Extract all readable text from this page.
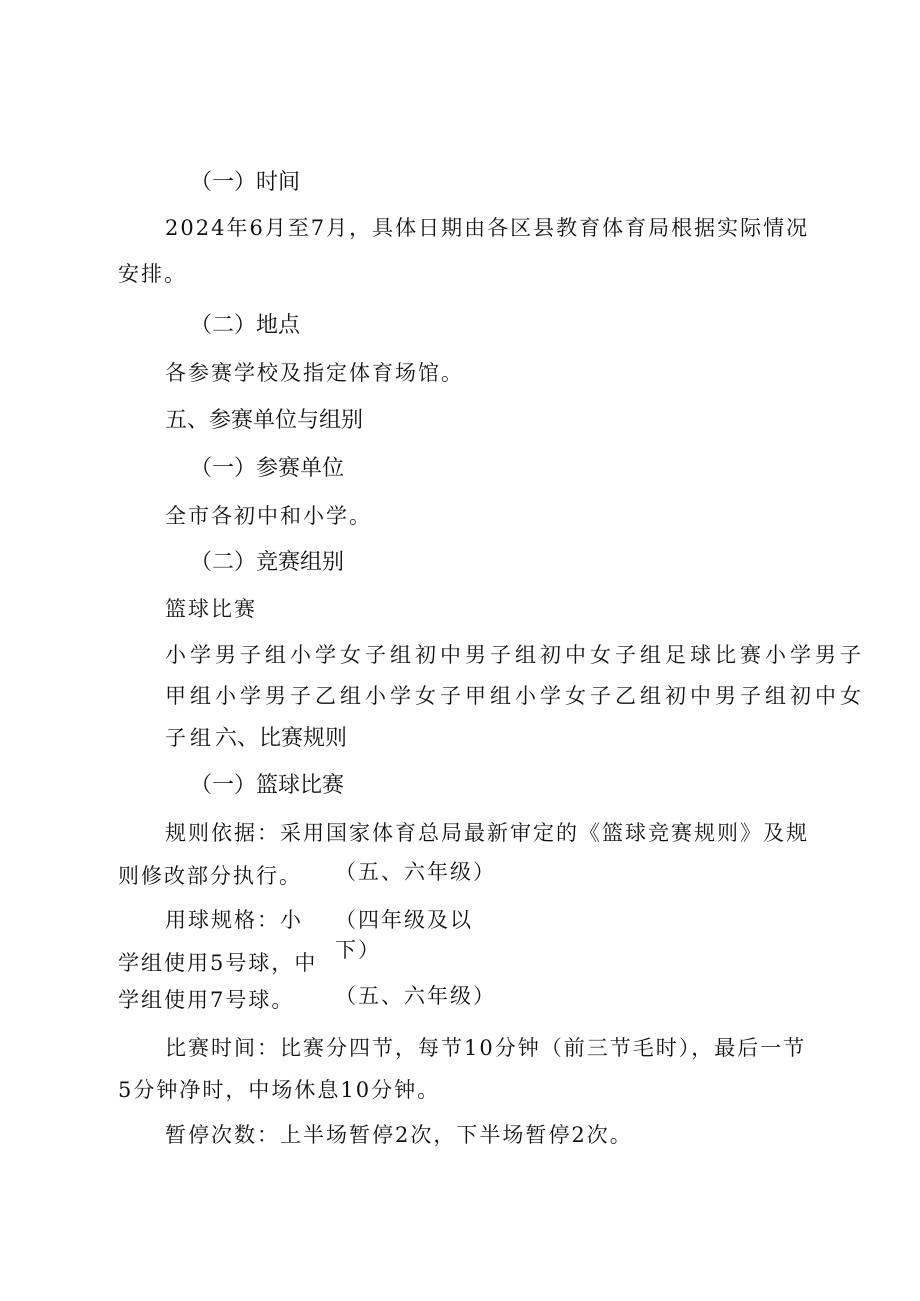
（一）时间
2024年6月至7月，具体日期由各区县教育体育局根据实际情况
安排。
（二）地点
各参赛学校及指定体育场馆。
五、参赛单位与组别
（一）参赛单位
全市各初中和小学。
（二）竞赛组别
篮球比赛
小学男子组小学女子组初中男子组初中女子组足球比赛小学男子
甲组小学男子乙组小学女子甲组小学女子乙组初中男子组初中女
子组六、比赛规则
（一）篮球比赛
规则依据：采用国家体育总局最新审定的《篮球竞赛规则》及规
则修改部分执行。 （五、六年级）
用球规格：小 （四年级及以
下）
学组使用5号球，中
学组使用7号球。 （五、六年级）
比赛时间：比赛分四节，每节10分钟（前三节毛时），最后一节
5分钟净时，中场休息10分钟。
暂停次数：上半场暂停2次，下半场暂停2次。
